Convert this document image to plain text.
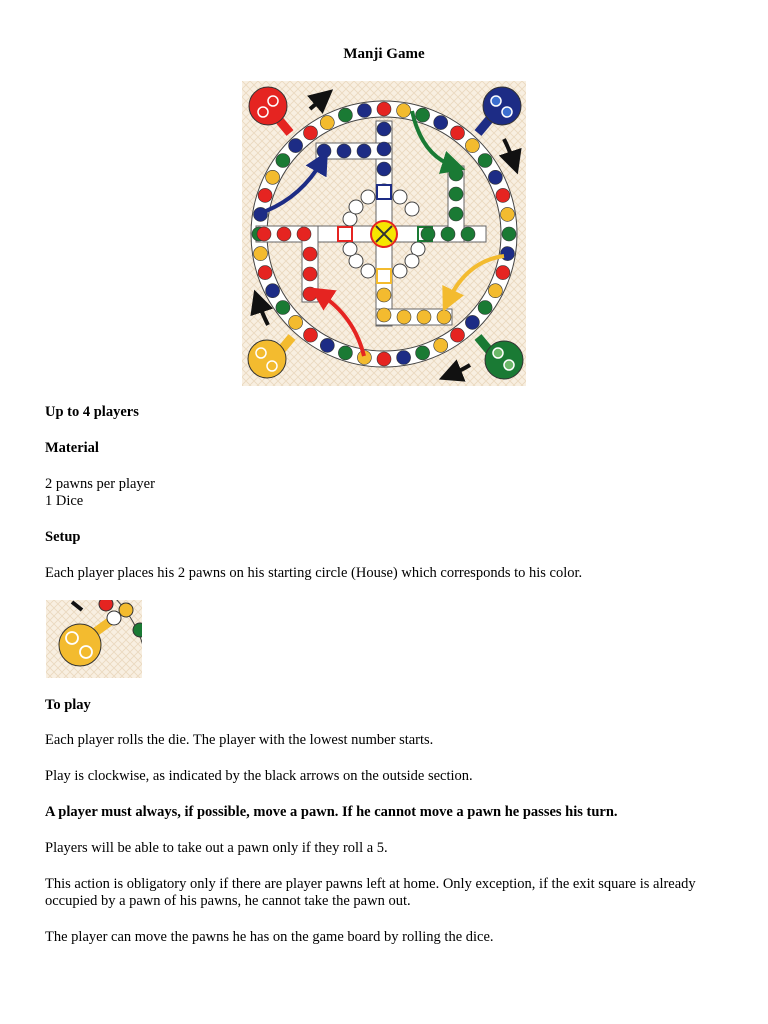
Manji Game
Up to 4 players
Material
2 pawns per player
1 Dice
Setup
Each player places his 2 pawns on his starting circle (House) which corresponds to his color.
To play
Each player rolls the die. The player with the lowest number starts.
Play is clockwise, as indicated by the black arrows on the outside section.
A player must always, if possible, move a pawn. If he cannot move a pawn he passes his turn.
Players will be able to take out a pawn only if they roll a 5.
This action is obligatory only if there are player pawns left at home. Only exception, if the exit square is already occupied by a pawn of his pawns, he cannot take the pawn out.
The player can move the pawns he has on the game board by rolling the dice.
